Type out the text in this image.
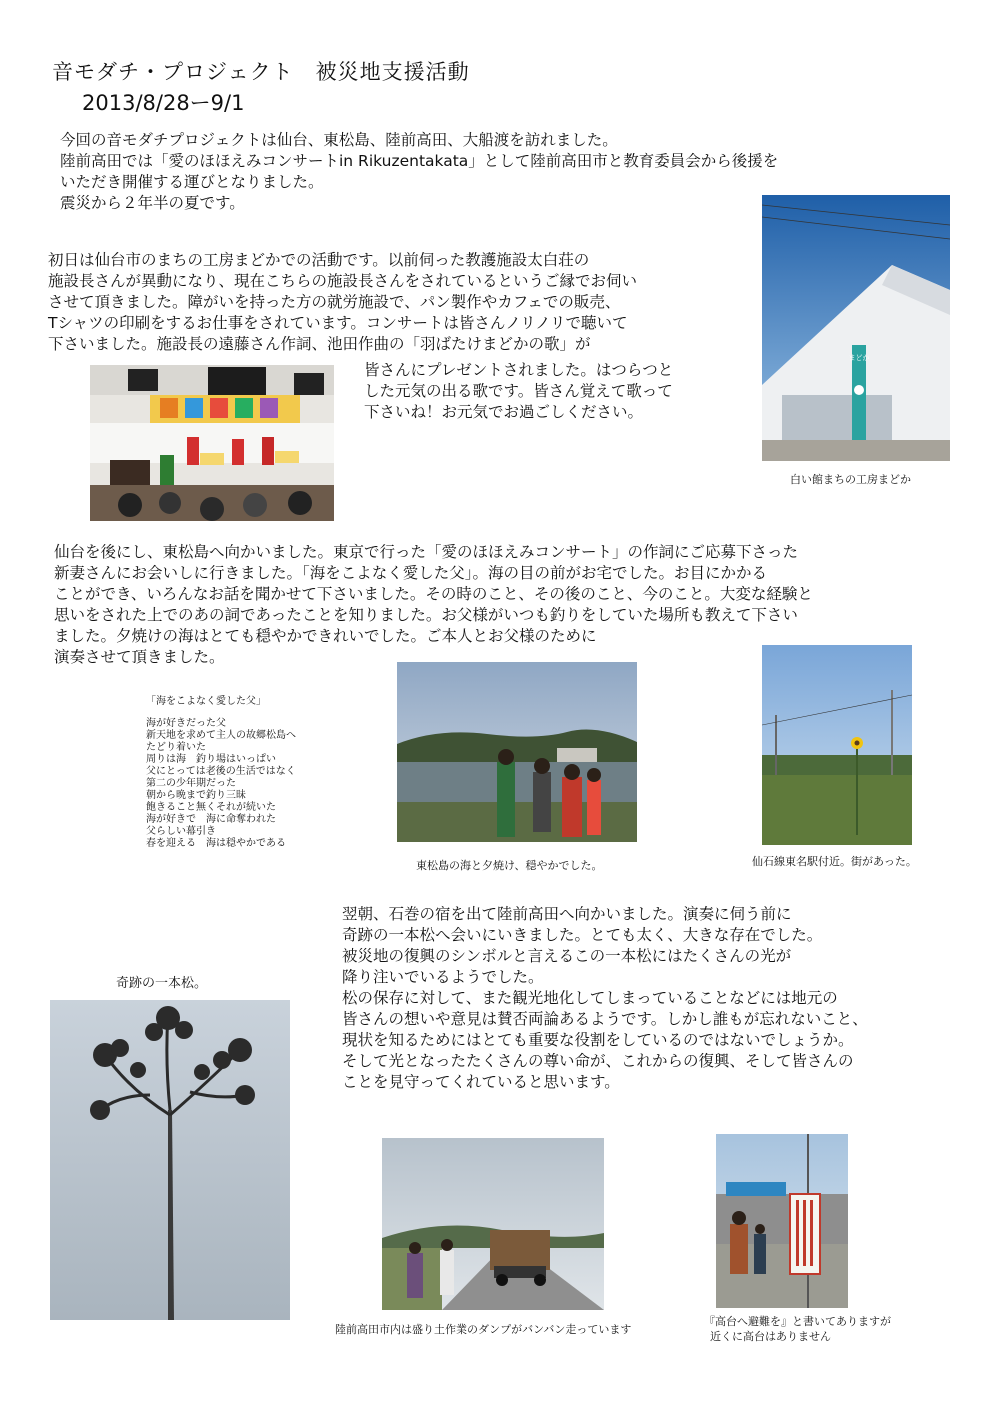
音モダチ・プロジェクト　被災地支援活動
2013/8/28ー9/1
今回の音モダチプロジェクトは仙台、東松島、陸前高田、大船渡を訪れました。
陸前高田では「愛のほほえみコンサートin Rikuzentakata」として陸前高田市と教育委員会から後援を
いただき開催する運びとなりました。
震災から２年半の夏です。
初日は仙台市のまちの工房まどかでの活動です。以前伺った教護施設太白荘の
施設長さんが異動になり、現在こちらの施設長さんをされているというご縁でお伺い
させて頂きました。障がいを持った方の就労施設で、パン製作やカフェでの販売、
Tシャツの印刷をするお仕事をされています。コンサートは皆さんノリノリで聴いて
下さいました。施設長の遠藤さん作詞、池田作曲の「羽ばたけまどかの歌」が
皆さんにプレゼントされました。はつらつと
した元気の出る歌です。皆さん覚えて歌って
下さいね！お元気でお過ごしください。
まどか
白い館まちの工房まどか
仙台を後にし、東松島へ向かいました。東京で行った「愛のほほえみコンサート」の作詞にご応募下さった
新妻さんにお会いしに行きました。「海をこよなく愛した父」。海の目の前がお宅でした。お目にかかる
ことができ、いろんなお話を聞かせて下さいました。その時のこと、その後のこと、今のこと。大変な経験と
思いをされた上でのあの詞であったことを知りました。お父様がいつも釣りをしていた場所も教えて下さい
ました。夕焼けの海はとても穏やかできれいでした。ご本人とお父様のために
演奏させて頂きました。
「海をこよなく愛した父」
海が好きだった父
新天地を求めて主人の故郷松島へ
たどり着いた
周りは海　釣り場はいっぱい
父にとっては老後の生活ではなく
第二の少年期だった
朝から晩まで釣り三昧
飽きること無くそれが続いた
海が好きで　海に命奪われた
父らしい幕引き
春を迎える　海は穏やかである
東松島の海と夕焼け、穏やかでした。	仙石線東名駅付近。街があった。
翌朝、石巻の宿を出て陸前高田へ向かいました。演奏に伺う前に
奇跡の一本松へ会いにいきました。とても太く、大きな存在でした。
被災地の復興のシンボルと言えるこの一本松にはたくさんの光が
降り注いでいるようでした。
松の保存に対して、また観光地化してしまっていることなどには地元の
皆さんの想いや意見は賛否両論あるようです。しかし誰もが忘れないこと、
現状を知るためにはとても重要な役割をしているのではないでしょうか。
そして光となったたくさんの尊い命が、これからの復興、そして皆さんの
ことを見守ってくれていると思います。
奇跡の一本松。
陸前高田市内は盛り土作業のダンプがバンバン走っています
『高台へ避難を』と書いてありますが
近くに高台はありません
